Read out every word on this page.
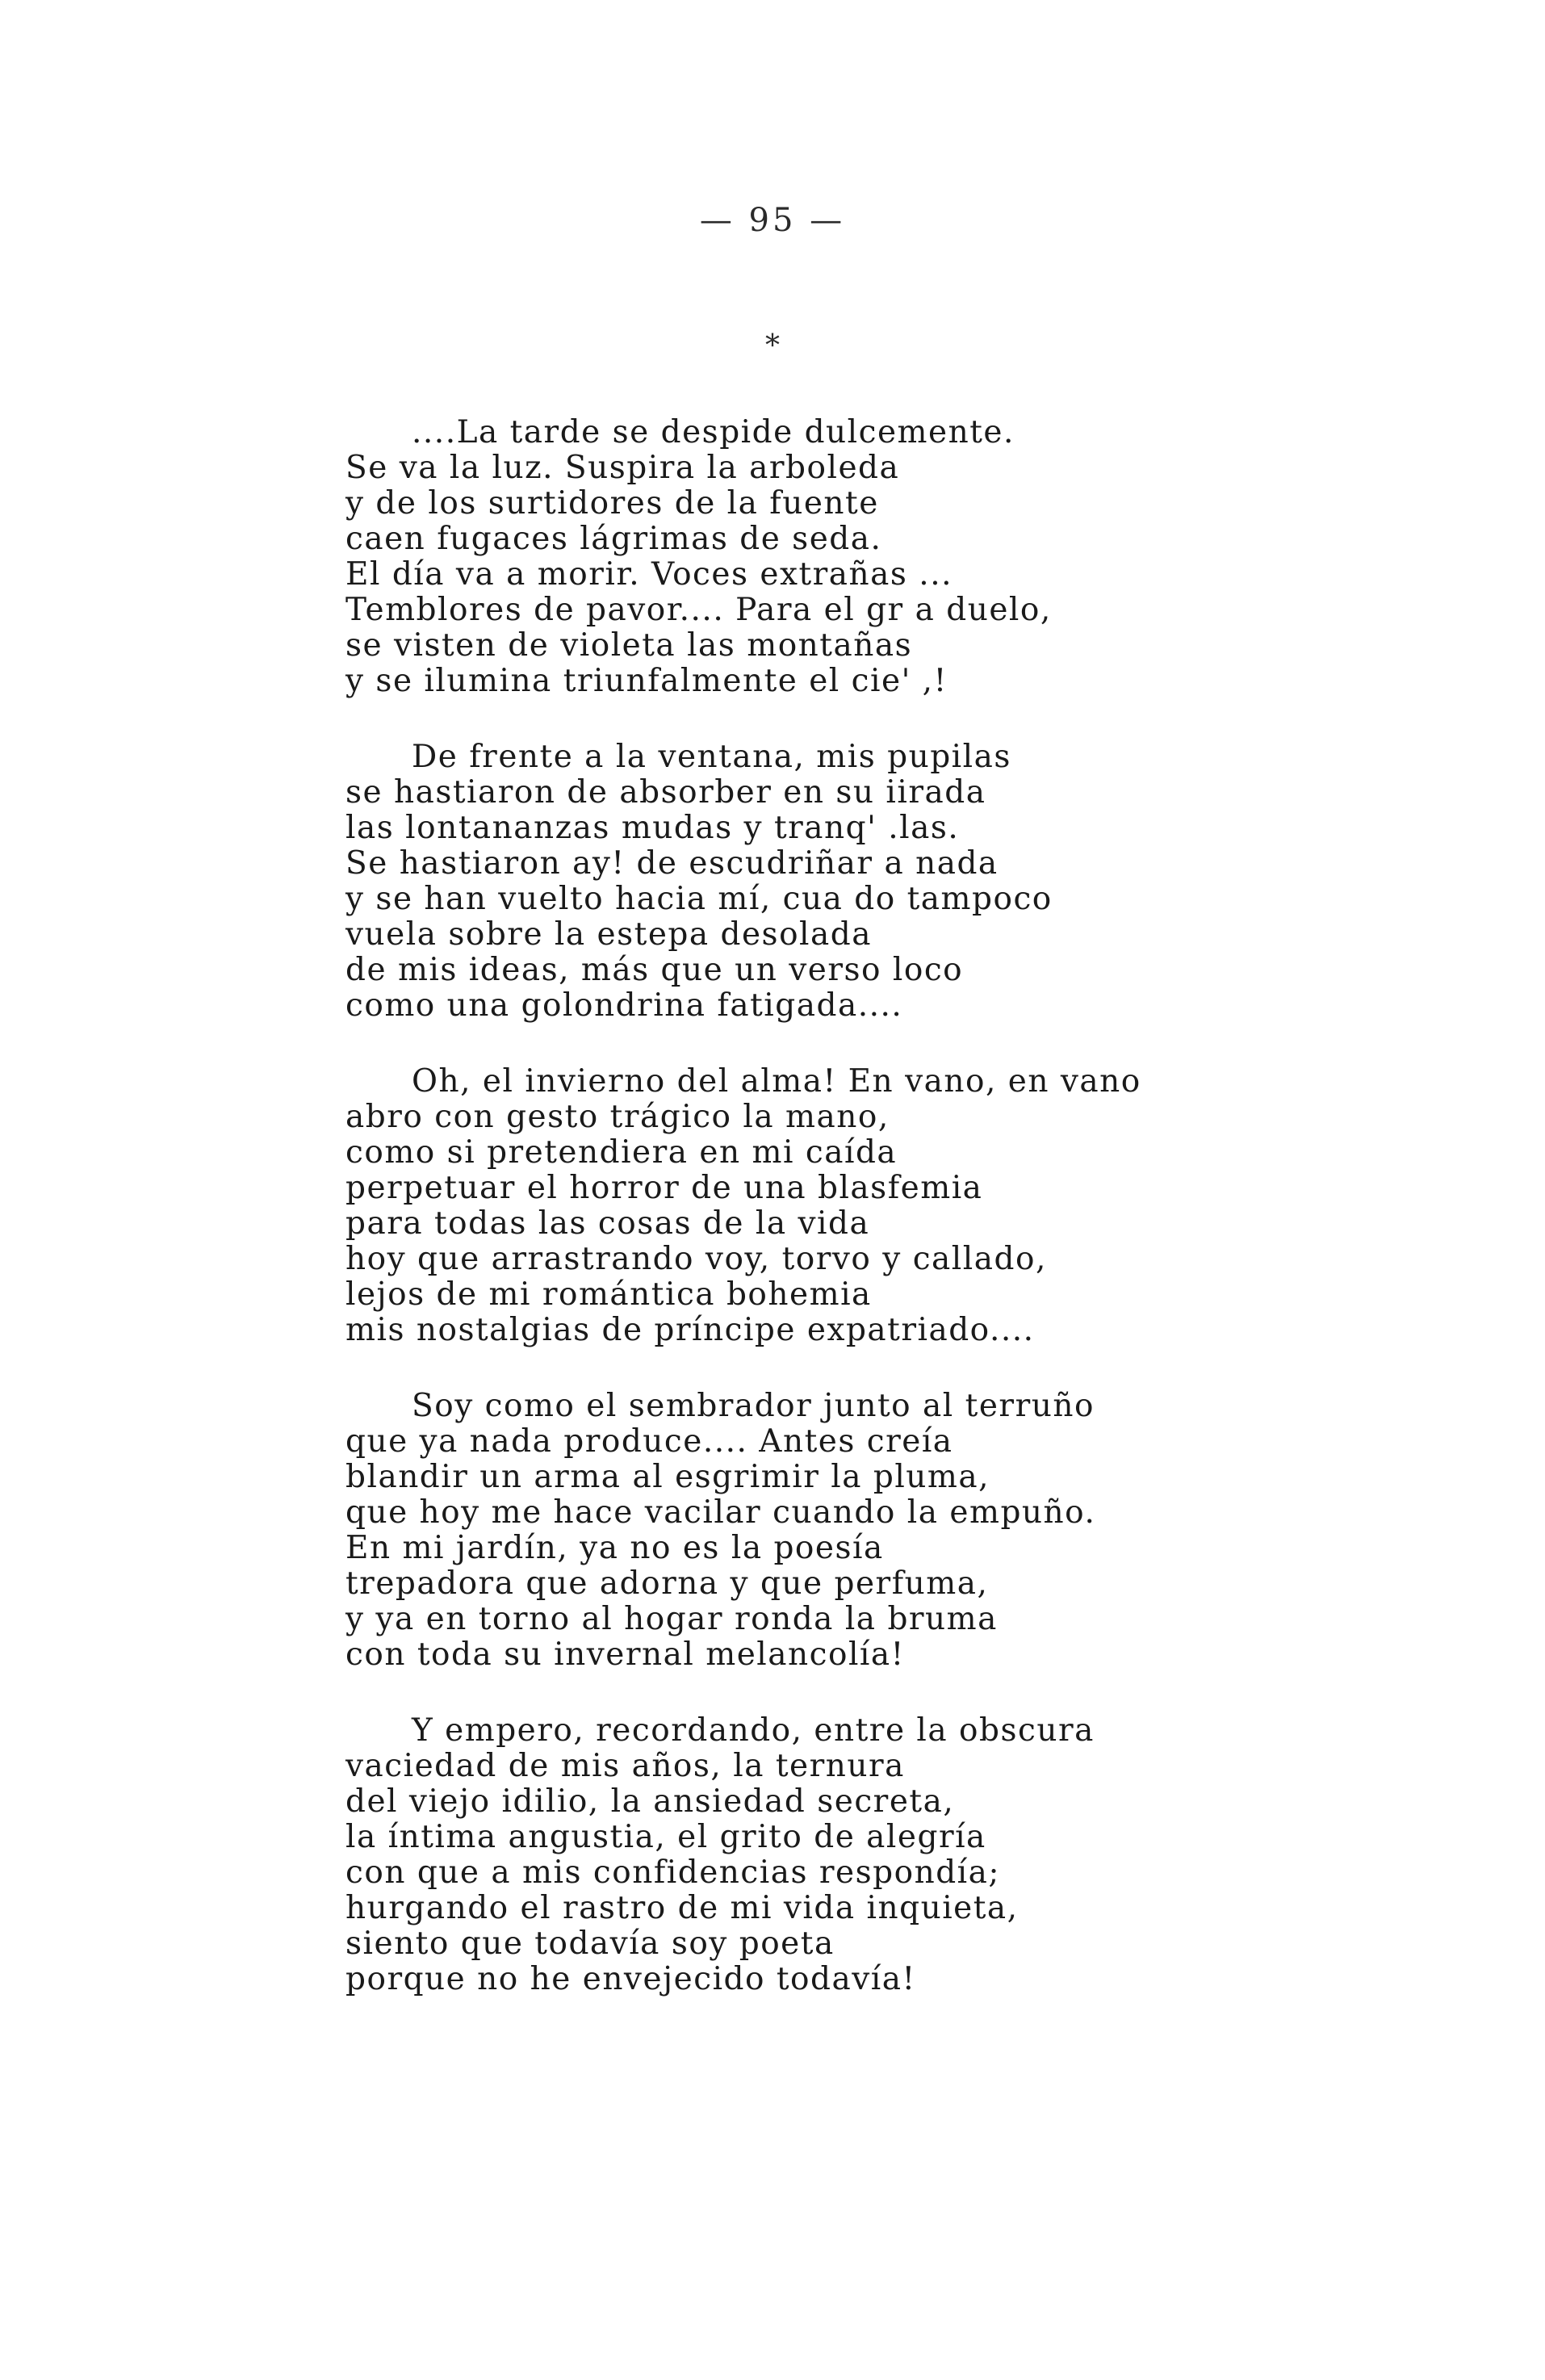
— 95 —
*
....La tarde se despide dulcemente.
Se va la luz. Suspira la arboleda
y de los surtidores de la fuente
caen fugaces lágrimas de seda.
El día va a morir. Voces extrañas ...
Temblores de pavor.... Para el gr a duelo,
se visten de violeta las montañas
y se ilumina triunfalmente el cie' ,!
De frente a la ventana, mis pupilas
se hastiaron de absorber en su iirada
las lontananzas mudas y tranq' .las.
Se hastiaron ay! de escudriñar a nada
y se han vuelto hacia mí, cua do tampoco
vuela sobre la estepa desolada
de mis ideas, más que un verso loco
como una golondrina fatigada....
Oh, el invierno del alma! En vano, en vano
abro con gesto trágico la mano,
como si pretendiera en mi caída
perpetuar el horror de una blasfemia
para todas las cosas de la vida
hoy que arrastrando voy, torvo y callado,
lejos de mi romántica bohemia
mis nostalgias de príncipe expatriado....
Soy como el sembrador junto al terruño
que ya nada produce.... Antes creía
blandir un arma al esgrimir la pluma,
que hoy me hace vacilar cuando la empuño.
En mi jardín, ya no es la poesía
trepadora que adorna y que perfuma,
y ya en torno al hogar ronda la bruma
con toda su invernal melancolía!
Y empero, recordando, entre la obscura
vaciedad de mis años, la ternura
del viejo idilio, la ansiedad secreta,
la íntima angustia, el grito de alegría
con que a mis confidencias respondía;
hurgando el rastro de mi vida inquieta,
siento que todavía soy poeta
porque no he envejecido todavía!
